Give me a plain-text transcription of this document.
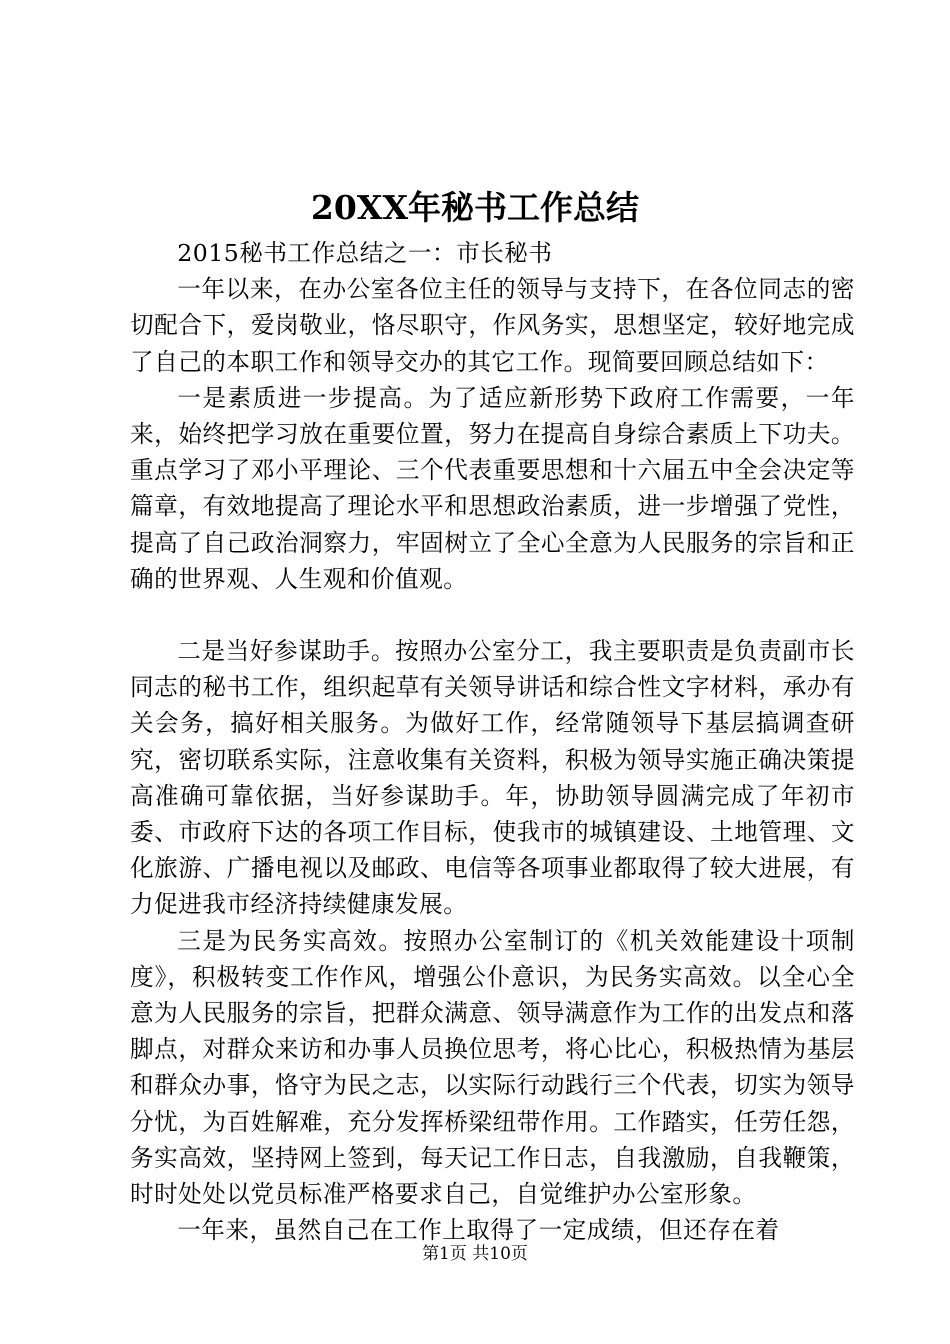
20XX年秘书工作总结

2015秘书工作总结之一：市长秘书

一年以来，在办公室各位主任的领导与支持下，在各位同志的密切配合下，爱岗敬业，恪尽职守，作风务实，思想坚定，较好地完成了自己的本职工作和领导交办的其它工作。现简要回顾总结如下：

一是素质进一步提高。为了适应新形势下政府工作需要，一年来，始终把学习放在重要位置，努力在提高自身综合素质上下功夫。重点学习了邓小平理论、三个代表重要思想和十六届五中全会决定等篇章，有效地提高了理论水平和思想政治素质，进一步增强了党性，提高了自己政治洞察力，牢固树立了全心全意为人民服务的宗旨和正确的世界观、人生观和价值观。

二是当好参谋助手。按照办公室分工，我主要职责是负责副市长同志的秘书工作，组织起草有关领导讲话和综合性文字材料，承办有关会务，搞好相关服务。为做好工作，经常随领导下基层搞调查研究，密切联系实际，注意收集有关资料，积极为领导实施正确决策提高准确可靠依据，当好参谋助手。年，协助领导圆满完成了年初市委、市政府下达的各项工作目标，使我市的城镇建设、土地管理、文化旅游、广播电视以及邮政、电信等各项事业都取得了较大进展，有力促进我市经济持续健康发展。

三是为民务实高效。按照办公室制订的《机关效能建设十项制度》，积极转变工作作风，增强公仆意识，为民务实高效。以全心全意为人民服务的宗旨，把群众满意、领导满意作为工作的出发点和落脚点，对群众来访和办事人员换位思考，将心比心，积极热情为基层和群众办事，恪守为民之志，以实际行动践行三个代表，切实为领导分忧，为百姓解难，充分发挥桥梁纽带作用。工作踏实，任劳任怨，务实高效，坚持网上签到，每天记工作日志，自我激励，自我鞭策，时时处处以党员标准严格要求自己，自觉维护办公室形象。

一年来，虽然自己在工作上取得了一定成绩，但还存在着

第1页 共10页
